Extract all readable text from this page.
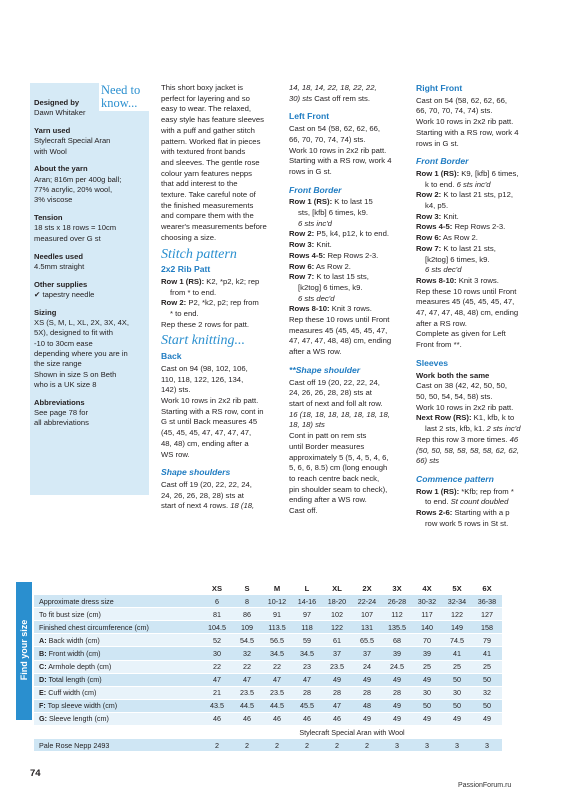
Need to
know...

Designed by

Dawn Whitaker

Yarn used

Stylecraft Special Aran
with Wool

About the yarn

Aran; 816m per 400g ball;
77% acrylic, 20% wool,
3% viscose

Tension

18 sts x 18 rows = 10cm
measured over G st

Needles used

4.5mm straight

Other supplies

✔ tapestry needle

Sizing

XS (S, M, L, XL, 2X, 3X, 4X,
5X), designed to fit with
-10 to 30cm ease
depending where you are in
the size range
Shown in size S on Beth
who is a UK size 8

Abbreviations

See page 78 for
all abbreviations

This short boxy jacket is

perfect for layering and so

easy to wear. The relaxed,

easy style has feature sleeves

with a puff and gather stitch

pattern. Worked flat in pieces

with textured front bands

and sleeves. The gentle rose

colour yarn features nepps

that add interest to the

texture. Take careful note of

the finished measurements

and compare them with the

wearer's measurements before

choosing a size.

Stitch pattern
2x2 Rib Patt

Row 1 (RS): K2, *p2, k2; rep

from * to end.

Row 2: P2, *k2, p2; rep from

* to end.

Rep these 2 rows for patt.

Start knitting...
Back

Cast on 94 (98, 102, 106,

110, 118, 122, 126, 134,

142) sts.

Work 10 rows in 2x2 rib patt.

Starting with a RS row, cont in

G st until Back measures 45

(45, 45, 45, 47, 47, 47, 47,

48, 48) cm, ending after a

WS row.

Shape shoulders

Cast off 19 (20, 22, 22, 24,

24, 26, 26, 28, 28) sts at

start of next 4 rows. 18 (18,

14, 18, 14, 22, 18, 22, 22,

30) sts Cast off rem sts.

Left Front

Cast on 54 (58, 62, 62, 66,

66, 70, 70, 74, 74) sts.

Work 10 rows in 2x2 rib patt.

Starting with a RS row, work 4

rows in G st.

Front Border

Row 1 (RS): K to last 15

sts, [kfb] 6 times, k9.

6 sts inc'd

Row 2: P5, k4, p12, k to end.

Row 3: Knit.

Rows 4-5: Rep Rows 2-3.

Row 6: As Row 2.

Row 7: K to last 15 sts,

[k2tog] 6 times, k9.

6 sts dec'd

Rows 8-10: Knit 3 rows.

Rep these 10 rows until Front

measures 45 (45, 45, 45, 47,

47, 47, 47, 48, 48) cm, ending

after a WS row.

**Shape shoulder

Cast off 19 (20, 22, 22, 24,

24, 26, 26, 28, 28) sts at

start of next and foll alt row.

16 (18, 18, 18, 18, 18, 18, 18,

18, 18) sts

Cont in patt on rem sts

until Border measures

approximately 5 (5, 4, 5, 4, 6,

5, 6, 6, 8.5) cm (long enough

to reach centre back neck,

pin shoulder seam to check),

ending after a WS row.

Cast off.

Right Front

Cast on 54 (58, 62, 62, 66,

66, 70, 70, 74, 74) sts.

Work 10 rows in 2x2 rib patt.

Starting with a RS row, work 4

rows in G st.

Front Border

Row 1 (RS): K9, [kfb] 6 times,

k to end. 6 sts inc'd

Row 2: K to last 21 sts, p12,

k4, p5.

Row 3: Knit.

Rows 4-5: Rep Rows 2-3.

Row 6: As Row 2.

Row 7: K to last 21 sts,

[k2tog] 6 times, k9.

6 sts dec'd

Rows 8-10: Knit 3 rows.

Rep these 10 rows until Front

measures 45 (45, 45, 45, 47,

47, 47, 47, 48, 48) cm, ending

after a RS row.

Complete as given for Left

Front from **.

Sleeves

Work both the same

Cast on 38 (42, 42, 50, 50,

50, 50, 54, 54, 58) sts.

Work 10 rows in 2x2 rib patt.

Next Row (RS): K1, kfb, k to

last 2 sts, kfb, k1. 2 sts inc'd

Rep this row 3 more times. 46

(50, 50, 58, 58, 58, 58, 62, 62,

66) sts

Commence pattern

Row 1 (RS): *Kfb; rep from *

to end. St count doubled

Rows 2-6: Starting with a p

row work 5 rows in St st.

Find your size
	XS	S	M	L	XL	2X	3X	4X	5X	6X
Approximate dress size	6	8	10-12	14-16	18-20	22-24	26-28	30-32	32-34	36-38
To fit bust size (cm)	81	86	91	97	102	107	112	117	122	127
Finished chest circumference (cm)	104.5	109	113.5	118	122	131	135.5	140	149	158
A: Back width (cm)	52	54.5	56.5	59	61	65.5	68	70	74.5	79
B: Front width (cm)	30	32	34.5	34.5	37	37	39	39	41	41
C: Armhole depth (cm)	22	22	22	23	23.5	24	24.5	25	25	25
D: Total length (cm)	47	47	47	47	49	49	49	49	50	50
E: Cuff width (cm)	21	23.5	23.5	28	28	28	28	30	30	32
F: Top sleeve width (cm)	43.5	44.5	44.5	45.5	47	48	49	50	50	50
G: Sleeve length (cm)	46	46	46	46	46	49	49	49	49	49
	Stylecraft Special Aran with Wool									
Pale Rose Nepp 2493	2	2	2	2	2	2	3	3	3	3
74
PassionForum.ru
